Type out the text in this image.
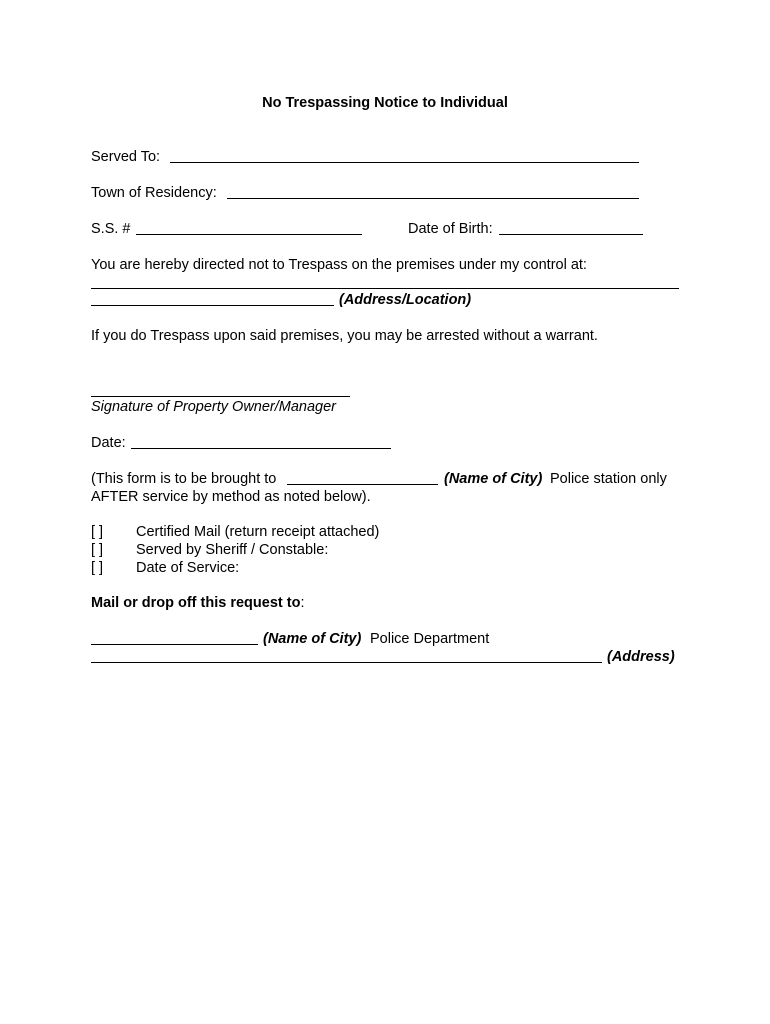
No Trespassing Notice to Individual
Served To:
Town of Residency:
S.S. #	Date of Birth:
You are hereby directed not to Trespass on the premises under my control at:
(Address/Location)
If you do Trespass upon said premises, you may be arrested without a warrant.
Signature of Property Owner/Manager
Date:
(This form is to be brought to	(Name of City) Police station only
AFTER service by method as noted below).
[ ] Certified Mail (return receipt attached)
[ ] Served by Sheriff / Constable:
[ ] Date of Service:
Mail or drop off this request to:
(Name of City) Police Department
(Address)
